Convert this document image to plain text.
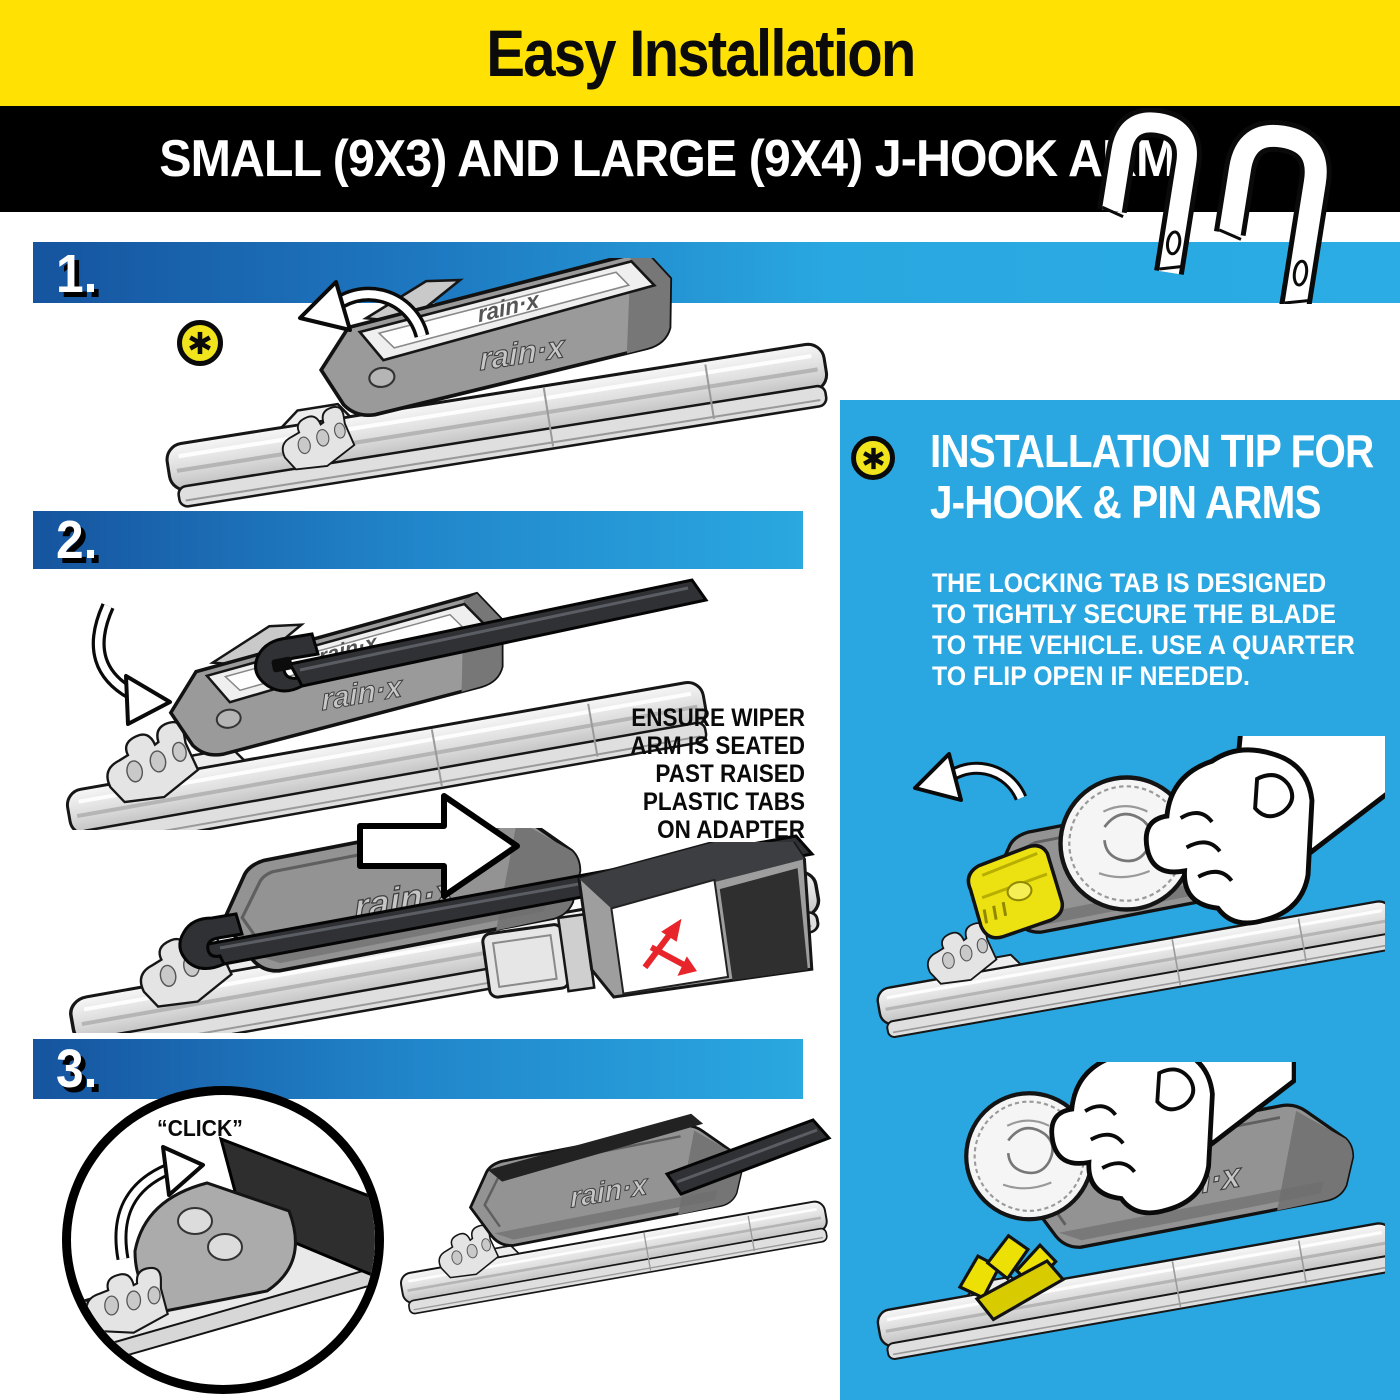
Easy Installation
SMALL (9X3) AND LARGE (9X4) J-HOOK ARM
1.
2.
3.
ENSURE WIPER
ARM IS SEATED
PAST RAISED
PLASTIC TABS
ON ADAPTER
“CLICK”
INSTALLATION TIP FOR
J-HOOK & PIN ARMS
THE LOCKING TAB IS DESIGNED
TO TIGHTLY SECURE THE BLADE
TO THE VEHICLE. USE A QUARTER
TO FLIP OPEN IF NEEDED.
